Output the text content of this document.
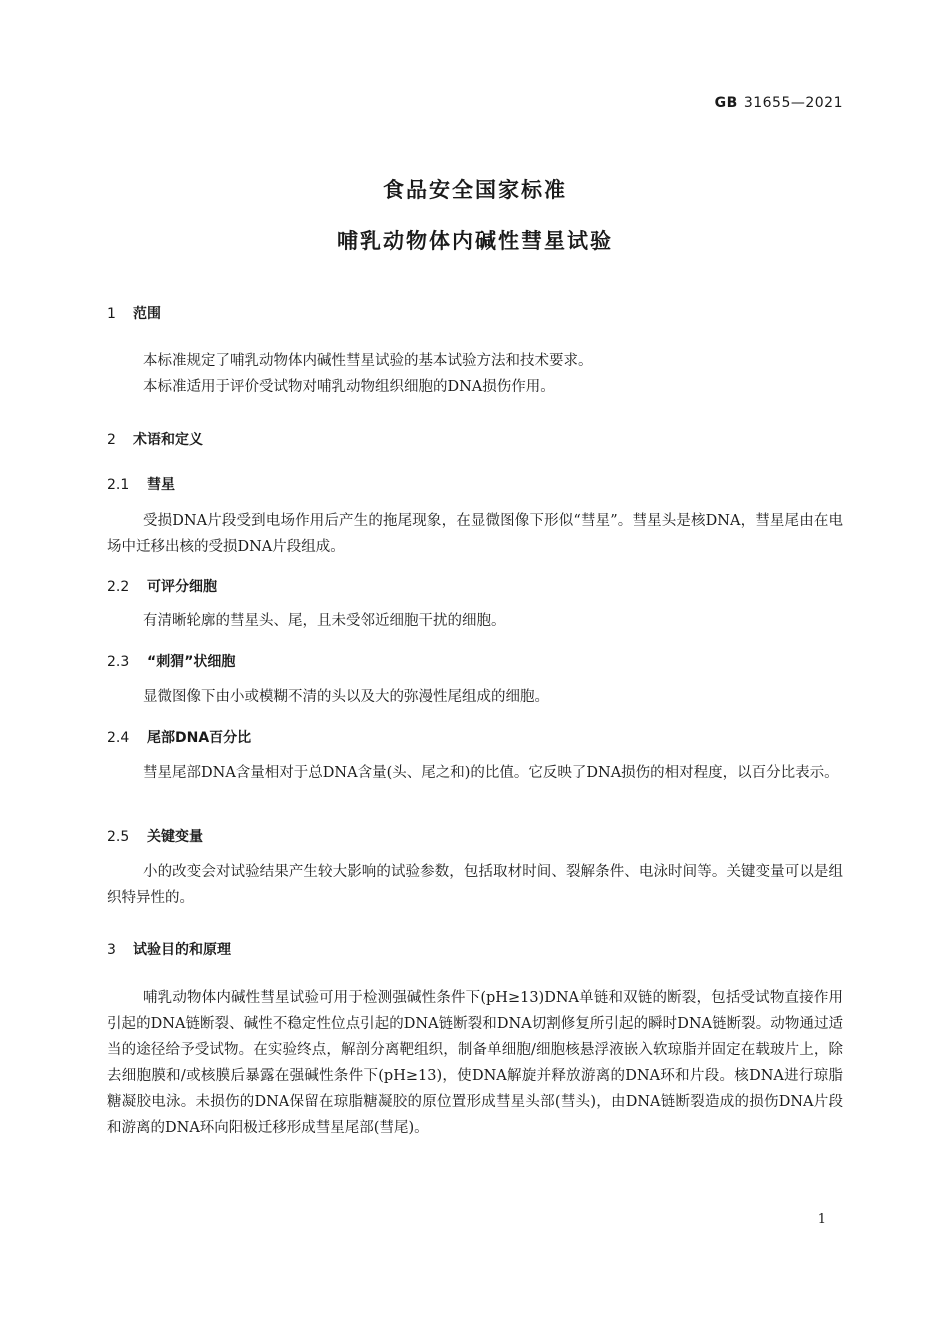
GB 31655—2021
食品安全国家标准
哺乳动物体内碱性彗星试验
1 范围
本标准规定了哺乳动物体内碱性彗星试验的基本试验方法和技术要求。
本标准适用于评价受试物对哺乳动物组织细胞的DNA损伤作用。
2 术语和定义
2.1 彗星
受损DNA片段受到电场作用后产生的拖尾现象，在显微图像下形似“彗星”。彗星头是核DNA，彗星尾由在电场中迁移出核的受损DNA片段组成。
2.2 可评分细胞
有清晰轮廓的彗星头、尾，且未受邻近细胞干扰的细胞。
2.3 “刺猬”状细胞
显微图像下由小或模糊不清的头以及大的弥漫性尾组成的细胞。
2.4 尾部DNA百分比
彗星尾部DNA含量相对于总DNA含量(头、尾之和)的比值。它反映了DNA损伤的相对程度，以百分比表示。
2.5 关键变量
小的改变会对试验结果产生较大影响的试验参数，包括取材时间、裂解条件、电泳时间等。关键变量可以是组织特异性的。
3 试验目的和原理
哺乳动物体内碱性彗星试验可用于检测强碱性条件下(pH≥13)DNA单链和双链的断裂，包括受试物直接作用引起的DNA链断裂、碱性不稳定性位点引起的DNA链断裂和DNA切割修复所引起的瞬时DNA链断裂。动物通过适当的途径给予受试物。在实验终点，解剖分离靶组织，制备单细胞/细胞核悬浮液嵌入软琼脂并固定在载玻片上，除去细胞膜和/或核膜后暴露在强碱性条件下(pH≥13)，使DNA解旋并释放游离的DNA环和片段。核DNA进行琼脂糖凝胶电泳。未损伤的DNA保留在琼脂糖凝胶的原位置形成彗星头部(彗头)，由DNA链断裂造成的损伤DNA片段和游离的DNA环向阳极迁移形成彗星尾部(彗尾)。
1
